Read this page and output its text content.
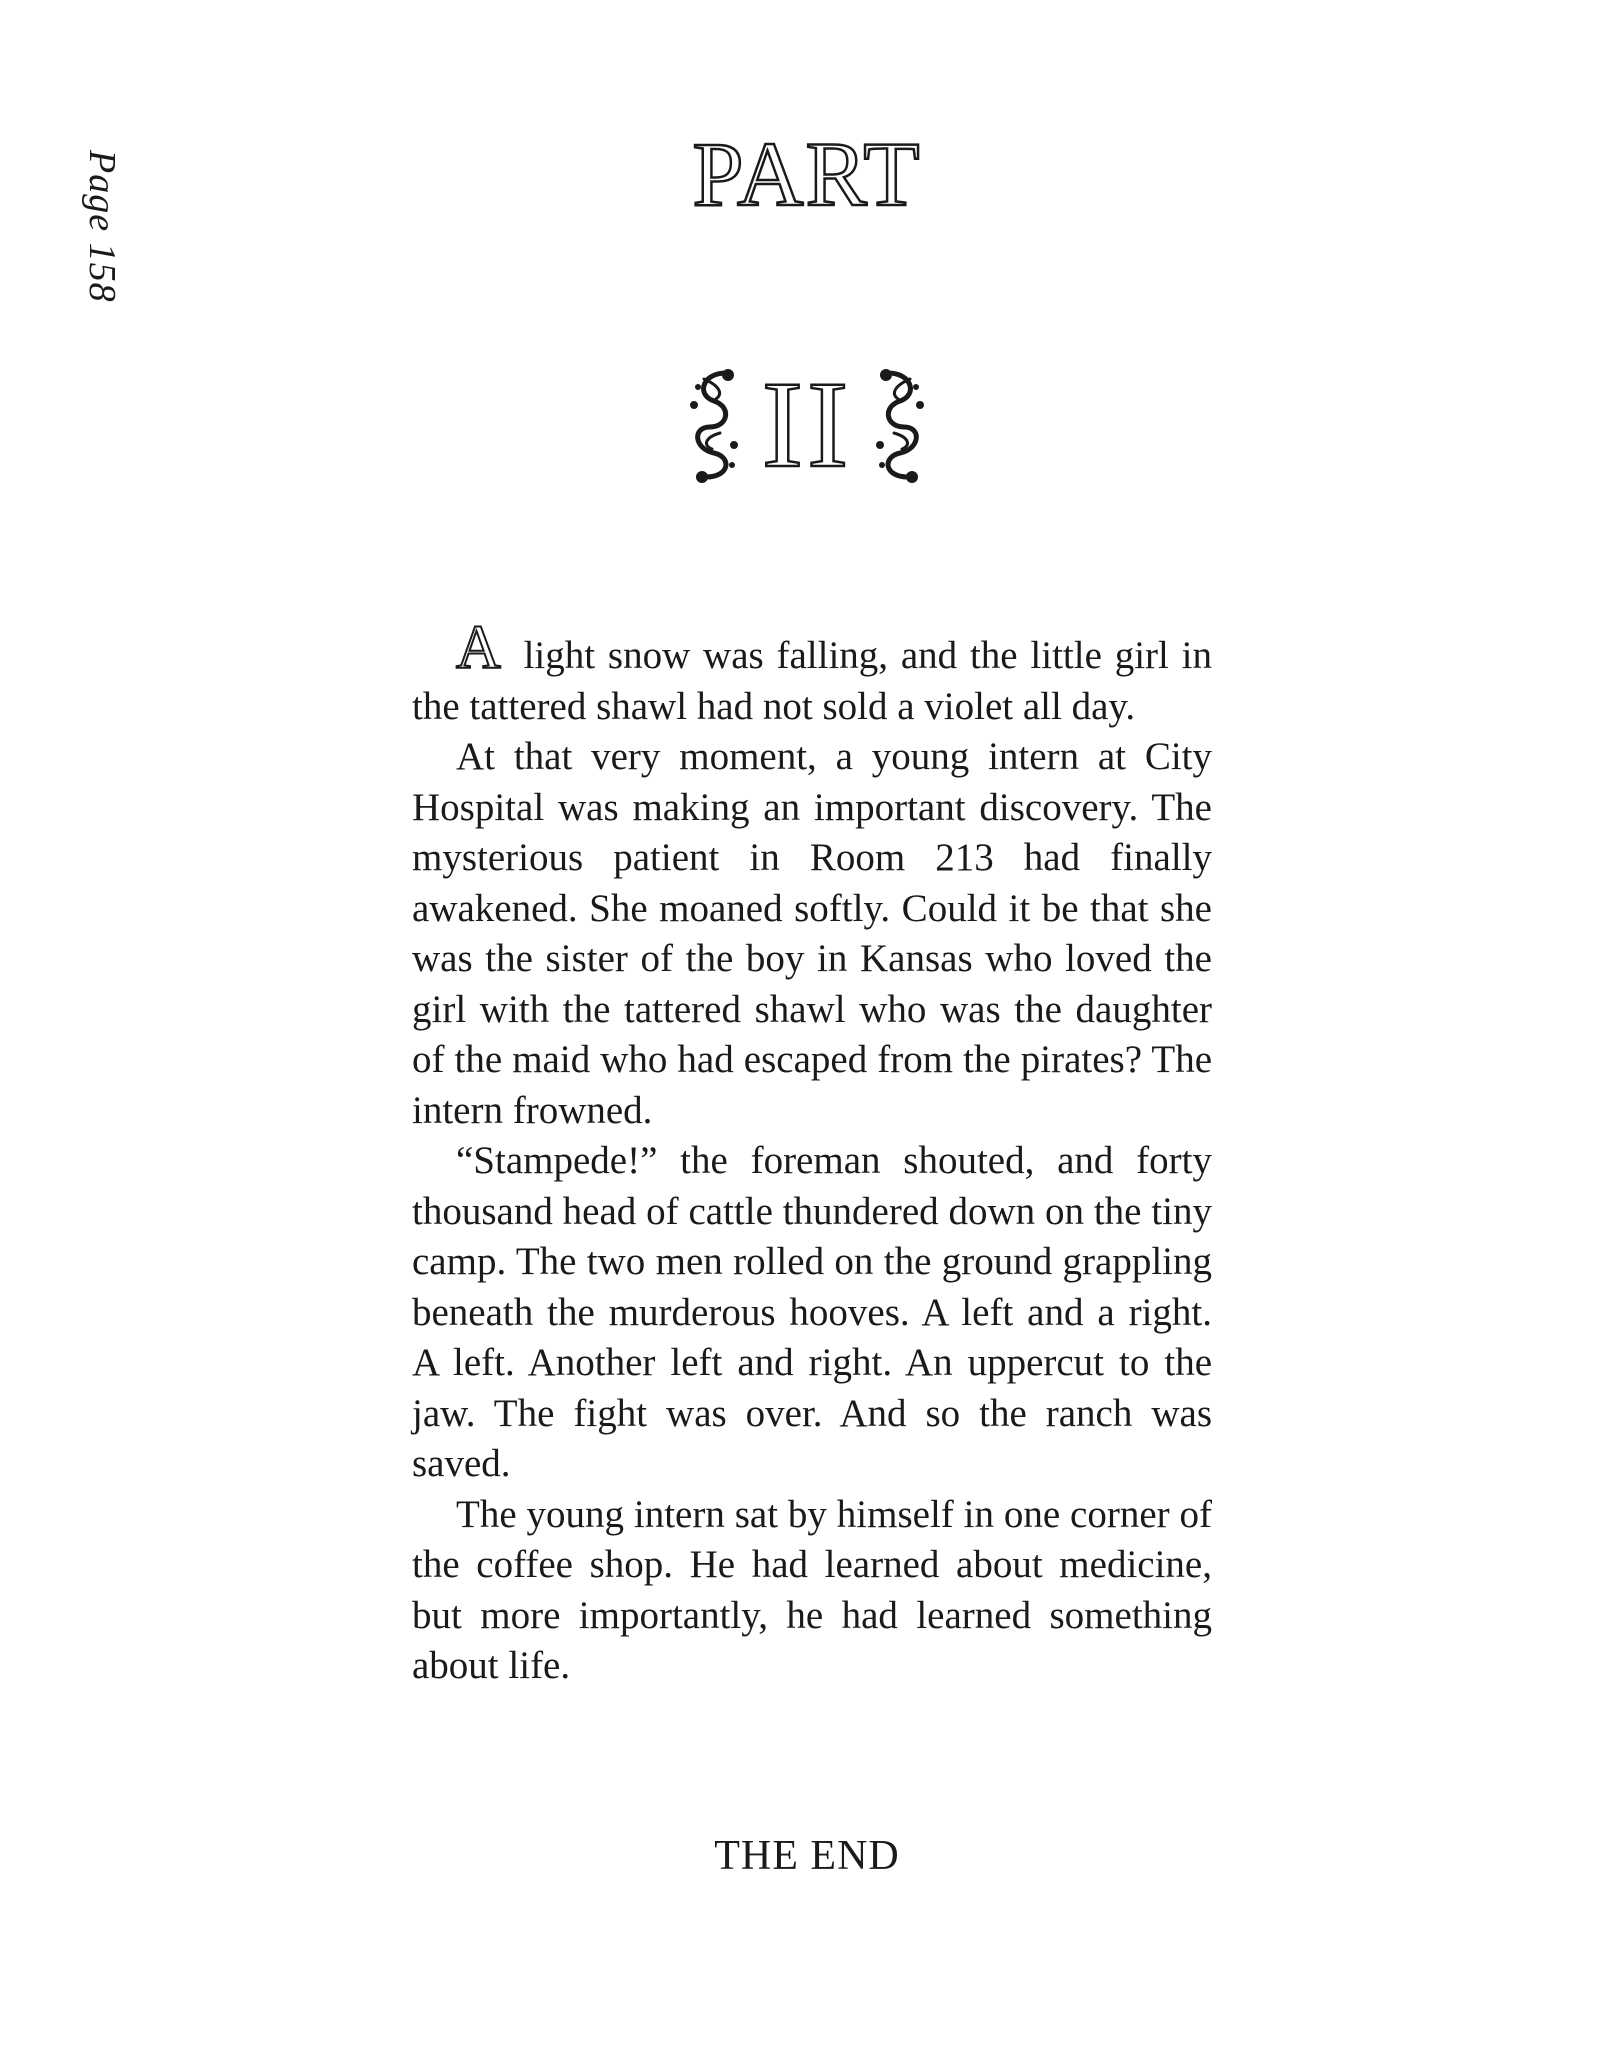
Page 158	PART
II

A light snow was falling, and the little girl in the tattered shawl had not sold a violet all day.

At that very moment, a young intern at City Hospital was making an important discovery. The mysterious patient in Room 213 had finally awakened. She moaned softly. Could it be that she was the sister of the boy in Kansas who loved the girl with the tattered shawl who was the daughter of the maid who had escaped from the pirates? The intern frowned.

“Stampede!” the foreman shouted, and forty thousand head of cattle thundered down on the tiny camp. The two men rolled on the ground grappling beneath the murderous hooves. A left and a right. A left. Another left and right. An uppercut to the jaw. The fight was over. And so the ranch was saved.

The young intern sat by himself in one corner of the coffee shop. He had learned about medicine, but more importantly, he had learned something about life.

THE END
